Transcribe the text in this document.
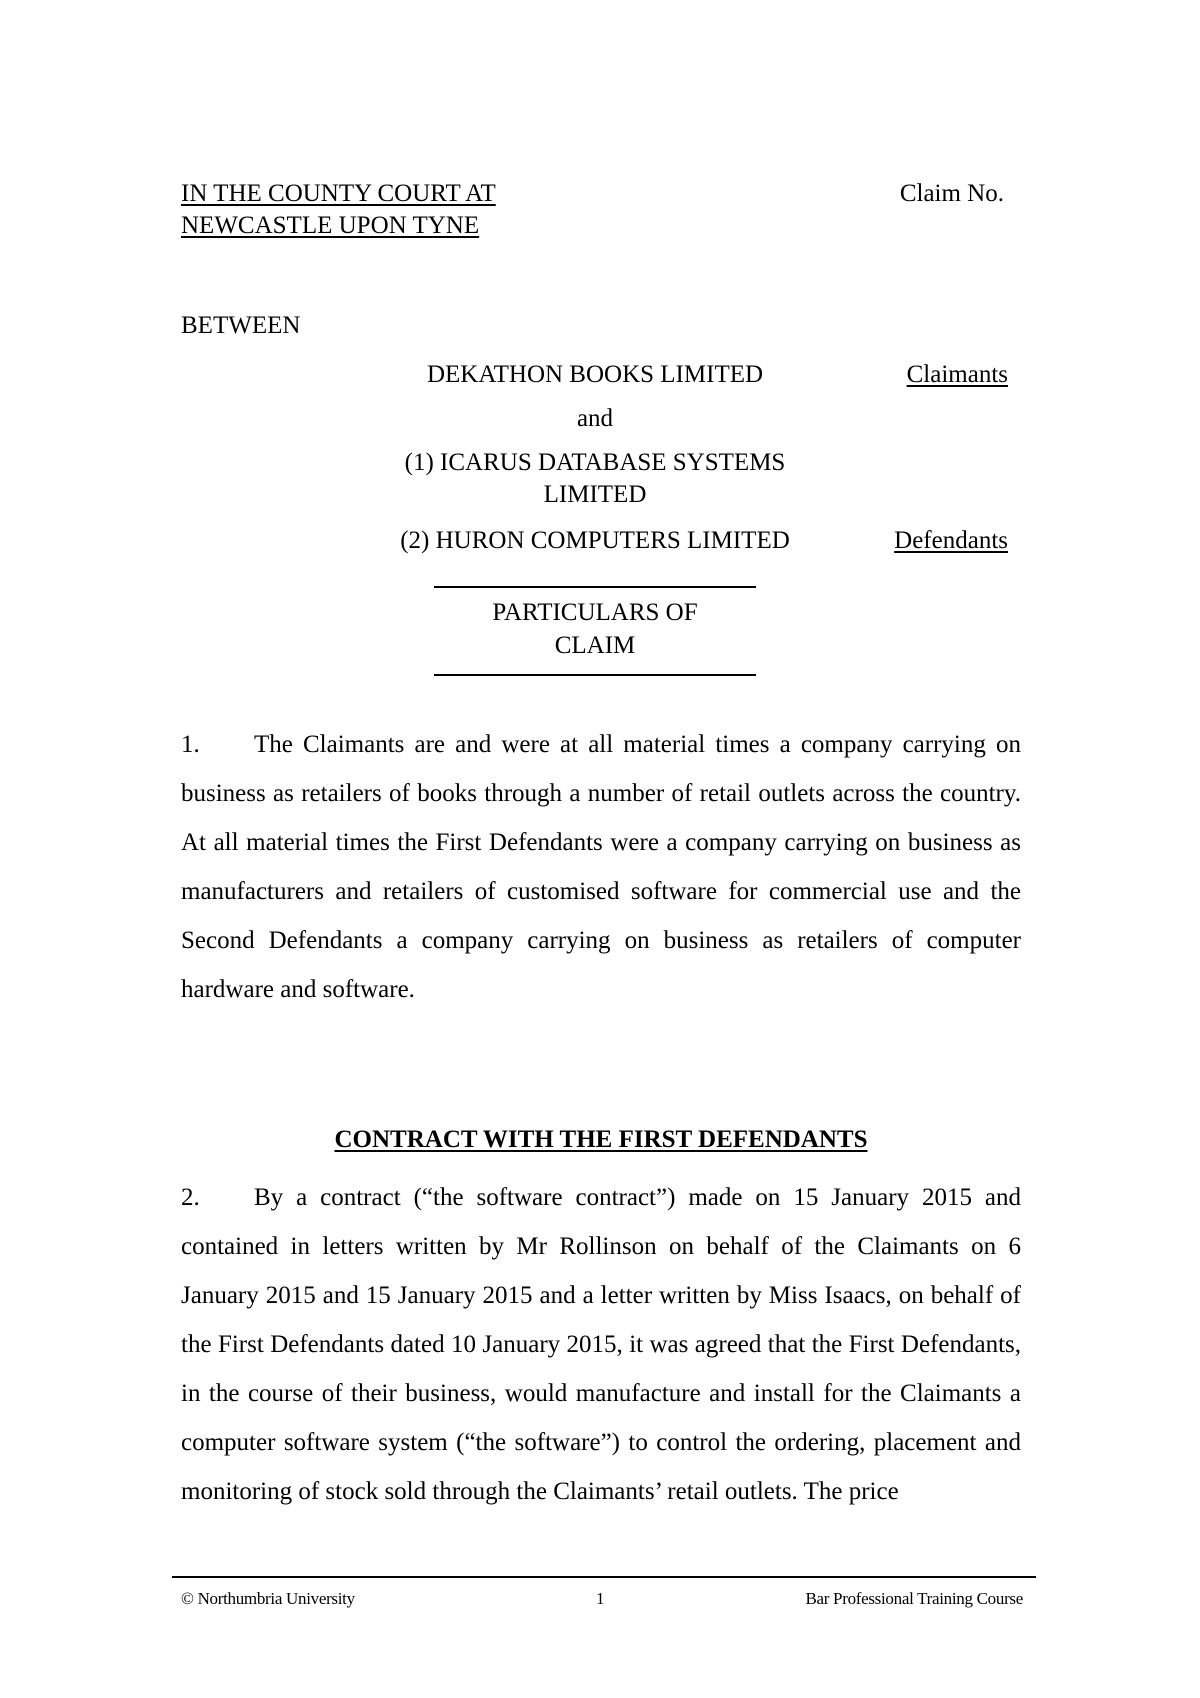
IN THE COUNTY COURT AT
NEWCASTLE UPON TYNE
Claim No.
BETWEEN
DEKATHON BOOKS LIMITED	Claimants
and
(1) ICARUS DATABASE SYSTEMS
LIMITED
(2) HURON COMPUTERS LIMITED	Defendants
PARTICULARS OF
CLAIM
1. The Claimants are and were at all material times a company carrying on business as retailers of books through a number of retail outlets across the country. At all material times the First Defendants were a company carrying on business as manufacturers and retailers of customised software for commercial use and the Second Defendants a company carrying on business as retailers of computer hardware and software.
CONTRACT WITH THE FIRST DEFENDANTS
2. By a contract (“the software contract”) made on 15 January 2015 and contained in letters written by Mr Rollinson on behalf of the Claimants on 6 January 2015 and 15 January 2015 and a letter written by Miss Isaacs, on behalf of the First Defendants dated 10 January 2015, it was agreed that the First Defendants, in the course of their business, would manufacture and install for the Claimants a computer software system (“the software”) to control the ordering, placement and monitoring of stock sold through the Claimants’ retail outlets. The price
© Northumbria University	1	Bar Professional Training Course
